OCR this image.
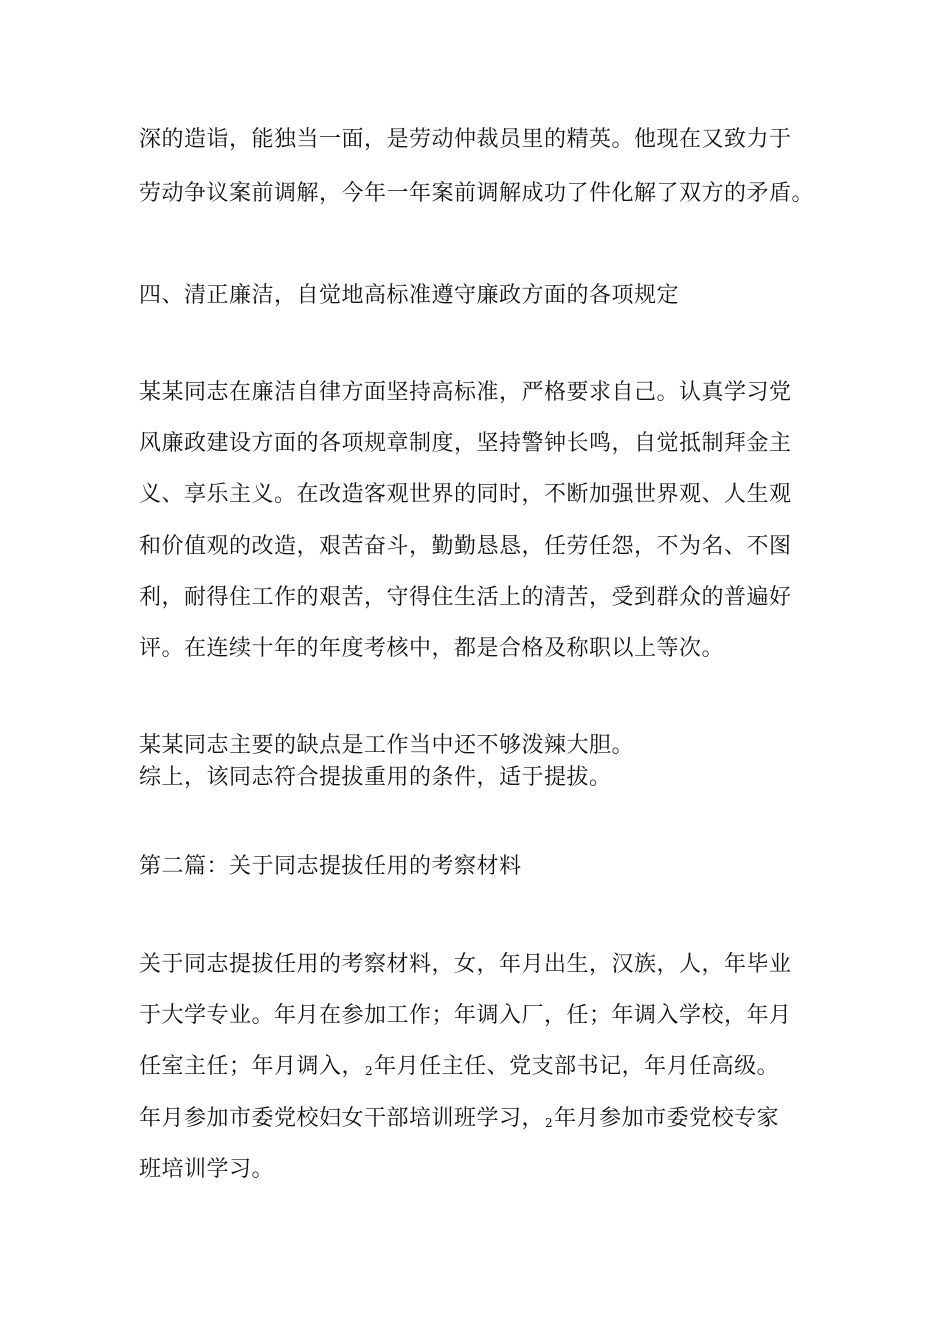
深的造诣，能独当一面，是劳动仲裁员里的精英。他现在又致力于
劳动争议案前调解，今年一年案前调解成功了件化解了双方的矛盾。
四、清正廉洁，自觉地高标准遵守廉政方面的各项规定
某某同志在廉洁自律方面坚持高标准，严格要求自己。认真学习党
风廉政建设方面的各项规章制度，坚持警钟长鸣，自觉抵制拜金主
义、享乐主义。在改造客观世界的同时，不断加强世界观、人生观
和价值观的改造，艰苦奋斗，勤勤恳恳，任劳任怨，不为名、不图
利，耐得住工作的艰苦，守得住生活上的清苦，受到群众的普遍好
评。在连续十年的年度考核中，都是合格及称职以上等次。
某某同志主要的缺点是工作当中还不够泼辣大胆。
综上，该同志符合提拔重用的条件，适于提拔。
第二篇：关于同志提拔任用的考察材料
关于同志提拔任用的考察材料，女，年月出生，汉族，人，年毕业
于大学专业。年月在参加工作；年调入厂，任；年调入学校，年月
任室主任；年月调入，2年月任主任、党支部书记，年月任高级。
年月参加市委党校妇女干部培训班学习，2年月参加市委党校专家
班培训学习。
